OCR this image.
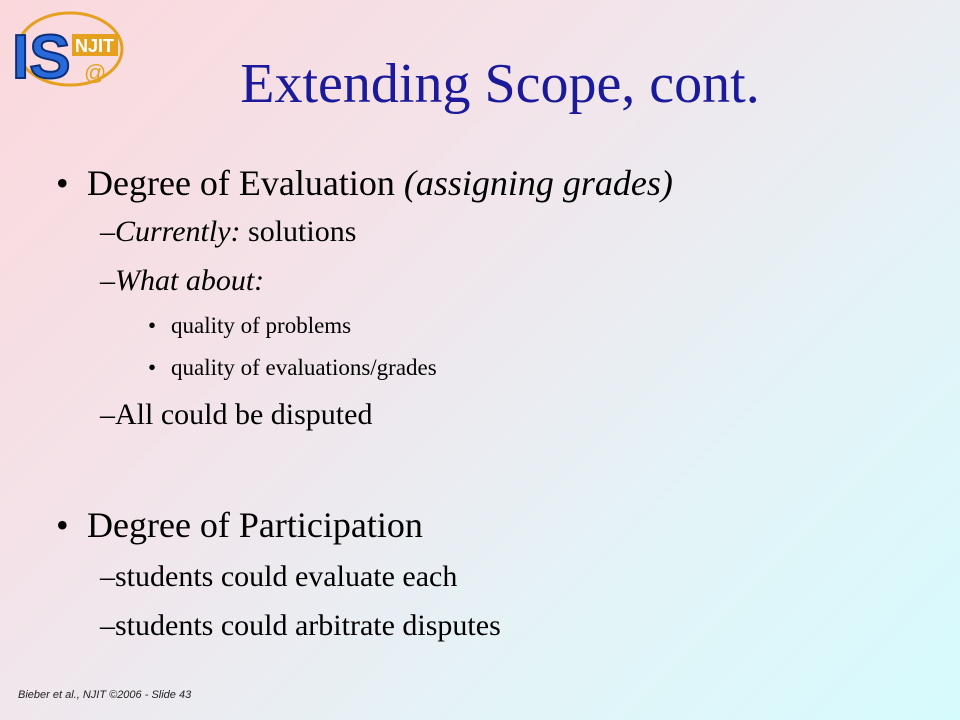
IS NJIT
@	Extending Scope, cont.
• Degree of Evaluation (assigning grades)
–Currently: solutions
–What about:
• quality of problems
• quality of evaluations/grades
–All could be disputed
• Degree of Participation
–students could evaluate each
–students could arbitrate disputes
Bieber et al., NJIT ©2006 - Slide 43
